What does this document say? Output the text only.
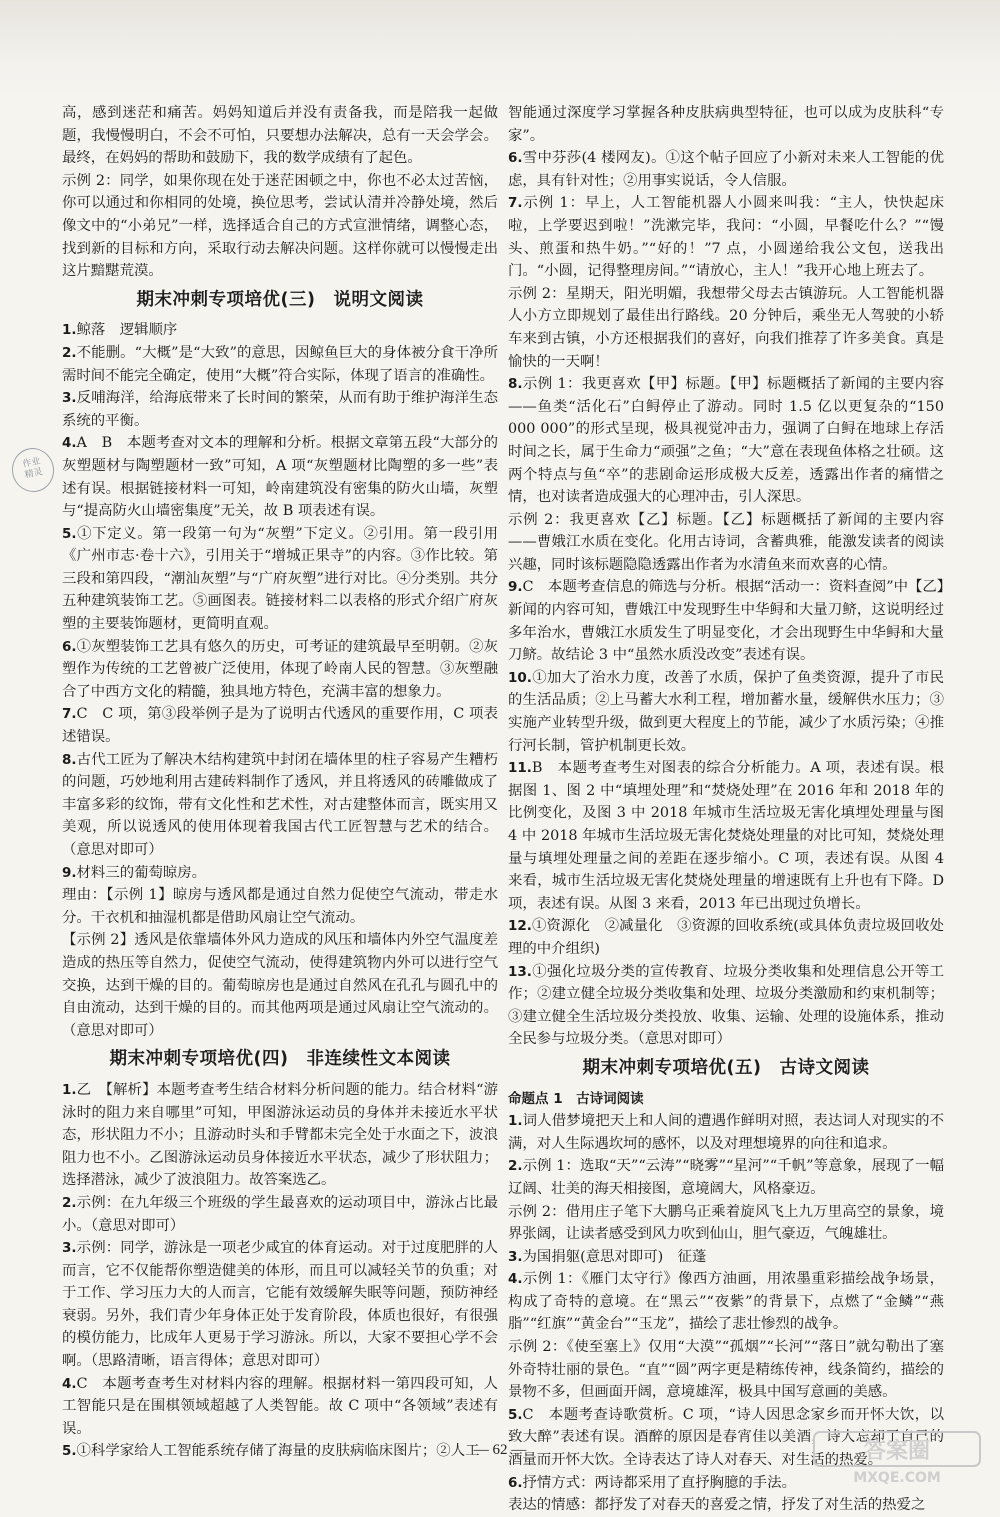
作业
精灵

高，感到迷茫和痛苦。妈妈知道后并没有责备我，而是陪我一起做题，我慢慢明白，不会不可怕，只要想办法解决，总有一天会学会。最终，在妈妈的帮助和鼓励下，我的数学成绩有了起色。

示例 2：同学，如果你现在处于迷茫困顿之中，你也不必太过苦恼，你可以通过和你相同的处境，换位思考，尝试认清并冷静处境，然后像文中的“小弟兄”一样，选择适合自己的方式宣泄情绪，调整心态，找到新的目标和方向，采取行动去解决问题。这样你就可以慢慢走出这片黯黮荒漠。

期末冲刺专项培优(三)　说明文阅读

1.鲸落　逻辑顺序

2.不能删。“大概”是“大致”的意思，因鲸鱼巨大的身体被分食干净所需时间不能完全确定，使用“大概”符合实际，体现了语言的准确性。

3.反哺海洋，给海底带来了长时间的繁荣，从而有助于维护海洋生态系统的平衡。

4.A　B　本题考查对文本的理解和分析。根据文章第五段“大部分的灰塑题材与陶塑题材一致”可知，A 项“灰塑题材比陶塑的多一些”表述有误。根据链接材料一可知，岭南建筑没有密集的防火山墙，灰塑与“提高防火山墙密集度”无关，故 B 项表述有误。

5.①下定义。第一段第一句为“灰塑”下定义。②引用。第一段引用《广州市志·卷十六》，引用关于“增城正果寺”的内容。③作比较。第三段和第四段，“潮汕灰塑”与“广府灰塑”进行对比。④分类别。共分五种建筑装饰工艺。⑤画图表。链接材料二以表格的形式介绍广府灰塑的主要装饰题材，更简明直观。

6.①灰塑装饰工艺具有悠久的历史，可考证的建筑最早至明朝。②灰塑作为传统的工艺曾被广泛使用，体现了岭南人民的智慧。③灰塑融合了中西方文化的精髓，独具地方特色，充满丰富的想象力。

7.C　C 项，第③段举例子是为了说明古代透风的重要作用，C 项表述错误。

8.古代工匠为了解决木结构建筑中封闭在墙体里的柱子容易产生糟朽的问题，巧妙地利用古建砖料制作了透风，并且将透风的砖雕做成了丰富多彩的纹饰，带有文化性和艺术性，对古建整体而言，既实用又美观，所以说透风的使用体现着我国古代工匠智慧与艺术的结合。（意思对即可）

9.材料三的葡萄晾房。

理由：【示例 1】晾房与透风都是通过自然力促使空气流动，带走水分。干衣机和抽湿机都是借助风扇让空气流动。

【示例 2】透风是依靠墙体外风力造成的风压和墙体内外空气温度差造成的热压等自然力，促使空气流动，使得建筑物内外可以进行空气交换，达到干燥的目的。葡萄晾房也是通过自然风在孔孔与圆孔中的自由流动，达到干燥的目的。而其他两项是通过风扇让空气流动的。（意思对即可）

期末冲刺专项培优(四)　非连续性文本阅读

1.乙　【解析】本题考查考生结合材料分析问题的能力。结合材料“游泳时的阻力来自哪里”可知，甲图游泳运动员的身体并未接近水平状态，形状阻力不小；且游动时头和手臂都未完全处于水面之下，波浪阻力也不小。乙图游泳运动员身体接近水平状态，减少了形状阻力；选择潜泳，减少了波浪阻力。故答案选乙。

2.示例：在九年级三个班级的学生最喜欢的运动项目中，游泳占比最小。（意思对即可）

3.示例：同学，游泳是一项老少咸宜的体育运动。对于过度肥胖的人而言，它不仅能帮你塑造健美的体形，而且可以减轻关节的负重；对于工作、学习压力大的人而言，它能有效缓解失眠等问题，预防神经衰弱。另外，我们青少年身体正处于发育阶段，体质也很好，有很强的模仿能力，比成年人更易于学习游泳。所以，大家不要担心学不会啊。（思路清晰，语言得体；意思对即可）

4.C　本题考查考生对材料内容的理解。根据材料一第四段可知，人工智能只是在围棋领域超越了人类智能。故 C 项中“各领域”表述有误。

5.①科学家给人工智能系统存储了海量的皮肤病临床图片；②人工

智能通过深度学习掌握各种皮肤病典型特征，也可以成为皮肤科“专家”。

6.雪中芬莎(4 楼网友)。①这个帖子回应了小新对未来人工智能的优虑，具有针对性；②用事实说话，令人信服。

7.示例 1：早上，人工智能机器人小圆来叫我：“主人，快快起床啦，上学要迟到啦！”洗漱完毕，我问：“小圆，早餐吃什么？”“馒头、煎蛋和热牛奶。”“好的！”7 点，小圆递给我公文包，送我出门。“小圆，记得整理房间。”“请放心，主人！”我开心地上班去了。

示例 2：星期天，阳光明媚，我想带父母去古镇游玩。人工智能机器人小方立即规划了最佳出行路线。20 分钟后，乘坐无人驾驶的小轿车来到古镇，小方还根据我们的喜好，向我们推荐了许多美食。真是愉快的一天啊！

8.示例 1：我更喜欢【甲】标题。【甲】标题概括了新闻的主要内容——鱼类“活化石”白鲟停止了游动。同时 1.5 亿以更复杂的“150 000 000”的形式呈现，极具视觉冲击力，强调了白鲟在地球上存活时间之长，属于生命力“顽强”之鱼；“大”意在表现鱼体格之壮硕。这两个特点与鱼“卒”的悲剧命运形成极大反差，透露出作者的痛惜之情，也对读者造成强大的心理冲击，引人深思。

示例 2：我更喜欢【乙】标题。【乙】标题概括了新闻的主要内容——曹娥江水质在变化。化用古诗词，含蓄典雅，能激发读者的阅读兴趣，同时该标题隐隐透露出作者为水清鱼来而欢喜的心情。

9.C　本题考查信息的筛选与分析。根据“活动一：资料查阅”中【乙】新闻的内容可知，曹娥江中发现野生中华鲟和大量刀鲚，这说明经过多年治水，曹娥江水质发生了明显变化，才会出现野生中华鲟和大量刀鲚。故结论 3 中“虽然水质没改变”表述有误。

10.①加大了治水力度，改善了水质，保护了鱼类资源，提升了市民的生活品质；②上马蓄大水利工程，增加蓄水量，缓解供水压力；③实施产业转型升级，做到更大程度上的节能，减少了水质污染；④推行河长制，管护机制更长效。

11.B　本题考查考生对图表的综合分析能力。A 项，表述有误。根据图 1、图 2 中“填埋处理”和“焚烧处理”在 2016 年和 2018 年的比例变化，及图 3 中 2018 年城市生活垃圾无害化填埋处理量与图 4 中 2018 年城市生活垃圾无害化焚烧处理量的对比可知，焚烧处理量与填埋处理量之间的差距在逐步缩小。C 项，表述有误。从图 4 来看，城市生活垃圾无害化焚烧处理量的增速既有上升也有下降。D 项，表述有误。从图 3 来看，2013 年已出现过负增长。

12.①资源化　②减量化　③资源的回收系统(或具体负责垃圾回收处理的中介组织)

13.①强化垃圾分类的宣传教育、垃圾分类收集和处理信息公开等工作；②建立健全垃圾分类收集和处理、垃圾分类激励和约束机制等；③建立健全生活垃圾分类投放、收集、运输、处理的设施体系，推动全民参与垃圾分类。（意思对即可）

期末冲刺专项培优(五)　古诗文阅读
命题点 1　古诗词阅读

1.词人借梦境把天上和人间的遭遇作鲜明对照，表达词人对现实的不满，对人生际遇坎坷的感怀，以及对理想境界的向往和追求。

2.示例 1：选取“天”“云涛”“晓雾”“星河”“千帆”等意象，展现了一幅辽阔、壮美的海天相接图，意境阔大，风格豪迈。

示例 2：借用庄子笔下大鹏乌正乘着旋风飞上九万里高空的景象，境界张阔，让读者感受到风力吹到仙山，胆气豪迈，气魄雄壮。

3.为国捐躯(意思对即可)　征蓬

4.示例 1：《雁门太守行》像西方油画，用浓墨重彩描绘战争场景，构成了奇特的意境。在“黑云”“夜紫”的背景下，点燃了“金鳞”“燕脂”“红旗”“黄金台”“玉龙”，描绘了悲壮惨烈的战争。

示例 2：《使至塞上》仅用“大漠”“孤烟”“长河”“落日”就勾勒出了塞外奇特壮丽的景色。“直”“圆”两字更是精练传神，线条简约，描绘的景物不多，但画面开阔，意境雄浑，极具中国写意画的美感。

5.C　本题考查诗歌赏析。C 项，“诗人因思念家乡而开怀大饮，以致大醉”表述有误。酒醉的原因是春宵佳以美酒，诗人忘却了自己的酒量而开怀大饮。全诗表达了诗人对春天、对生活的热爱。

6.抒情方式：两诗都采用了直抒胸臆的手法。

表达的情感：都抒发了对春天的喜爱之情，抒发了对生活的热爱之

— 62 —	答案圈
MXQE.COM
